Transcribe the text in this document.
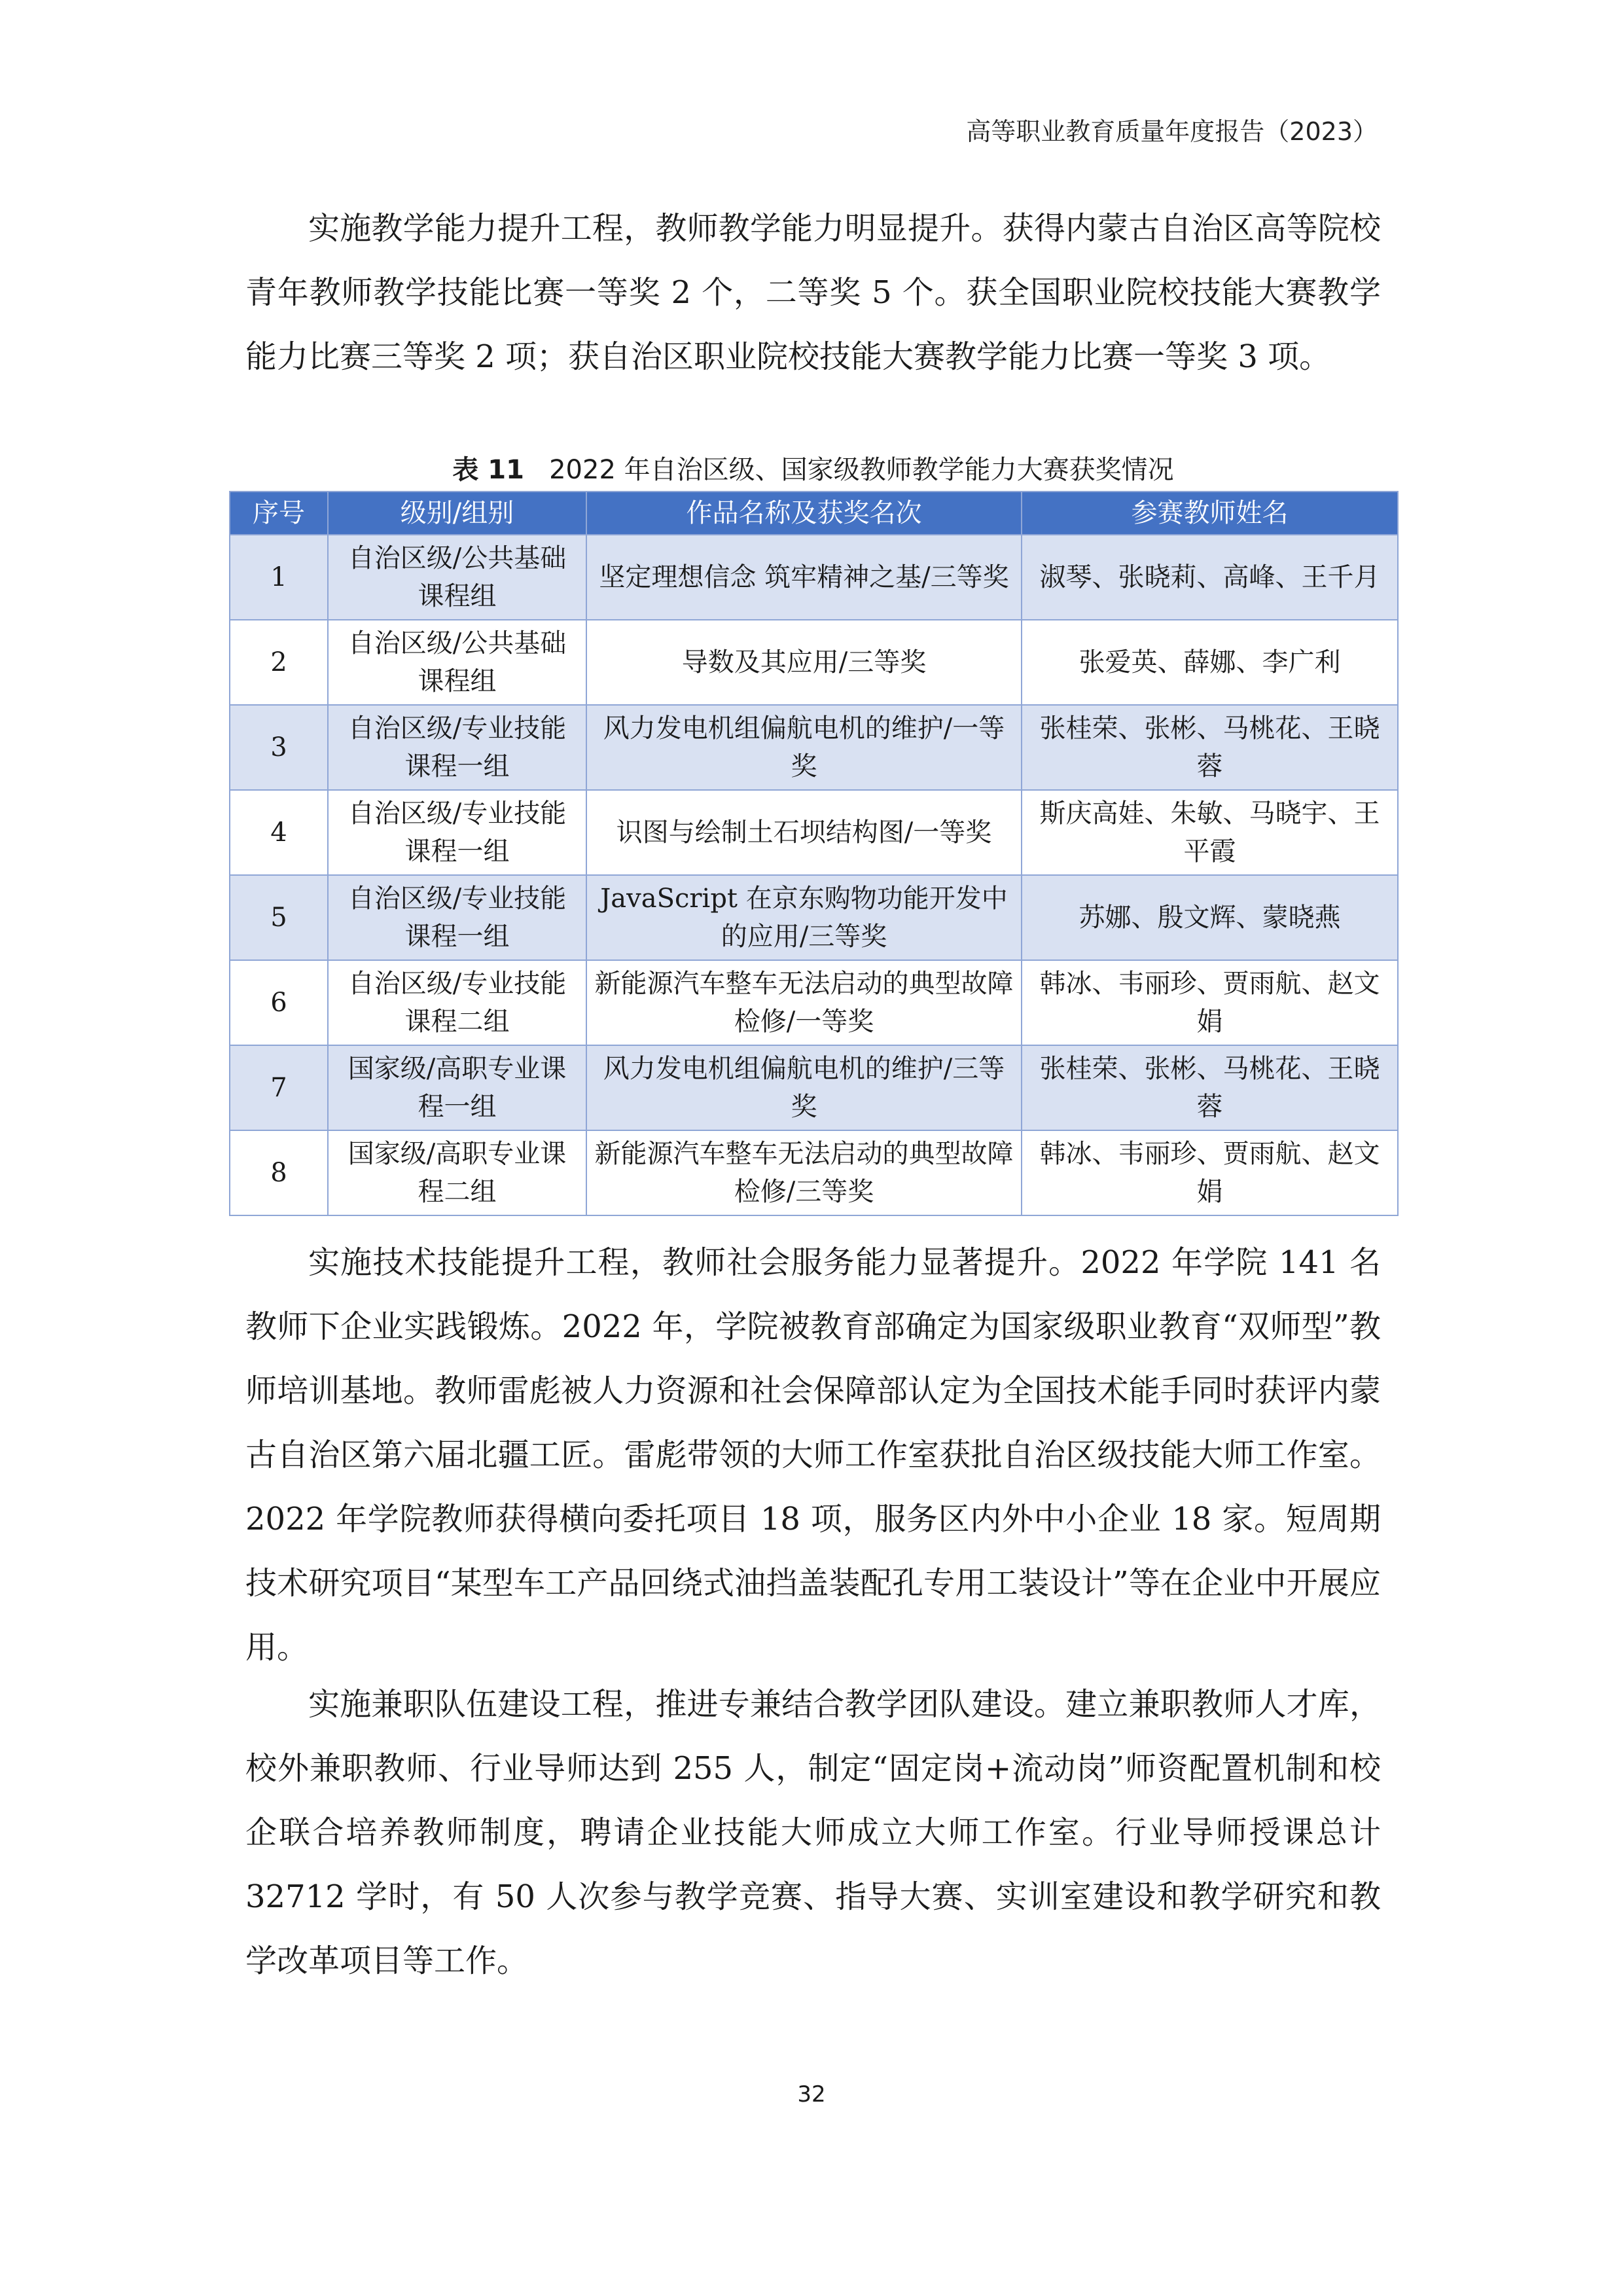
高等职业教育质量年度报告（2023）

实施教学能力提升工程，教师教学能力明显提升。获得内蒙古自治区高等院校青年教师教学技能比赛一等奖 2 个，二等奖 5 个。获全国职业院校技能大赛教学能力比赛三等奖 2 项；获自治区职业院校技能大赛教学能力比赛一等奖 3 项。

表 11 2022 年自治区级、国家级教师教学能力大赛获奖情况
序号	级别/组别	作品名称及获奖名次	参赛教师姓名
1	自治区级/公共基础课程组	坚定理想信念 筑牢精神之基/三等奖	淑琴、张晓莉、高峰、王千月
2	自治区级/公共基础课程组	导数及其应用/三等奖	张爱英、薛娜、李广利
3	自治区级/专业技能课程一组	风力发电机组偏航电机的维护/一等奖	张桂荣、张彬、马桃花、王晓蓉
4	自治区级/专业技能课程一组	识图与绘制土石坝结构图/一等奖	斯庆高娃、朱敏、马晓宇、王平霞
5	自治区级/专业技能课程一组	JavaScript 在京东购物功能开发中的应用/三等奖	苏娜、殷文辉、蒙晓燕
6	自治区级/专业技能课程二组	新能源汽车整车无法启动的典型故障检修/一等奖	韩冰、韦丽珍、贾雨航、赵文娟
7	国家级/高职专业课程一组	风力发电机组偏航电机的维护/三等奖	张桂荣、张彬、马桃花、王晓蓉
8	国家级/高职专业课程二组	新能源汽车整车无法启动的典型故障检修/三等奖	韩冰、韦丽珍、贾雨航、赵文娟

实施技术技能提升工程，教师社会服务能力显著提升。2022 年学院 141 名教师下企业实践锻炼。2022 年，学院被教育部确定为国家级职业教育“双师型”教师培训基地。教师雷彪被人力资源和社会保障部认定为全国技术能手同时获评内蒙古自治区第六届北疆工匠。雷彪带领的大师工作室获批自治区级技能大师工作室。2022 年学院教师获得横向委托项目 18 项，服务区内外中小企业 18 家。短周期技术研究项目“某型车工产品回绕式油挡盖装配孔专用工装设计”等在企业中开展应用。

实施兼职队伍建设工程，推进专兼结合教学团队建设。建立兼职教师人才库，校外兼职教师、行业导师达到 255 人，制定“固定岗+流动岗”师资配置机制和校企联合培养教师制度，聘请企业技能大师成立大师工作室。行业导师授课总计 32712 学时，有 50 人次参与教学竞赛、指导大赛、实训室建设和教学研究和教学改革项目等工作。

32
